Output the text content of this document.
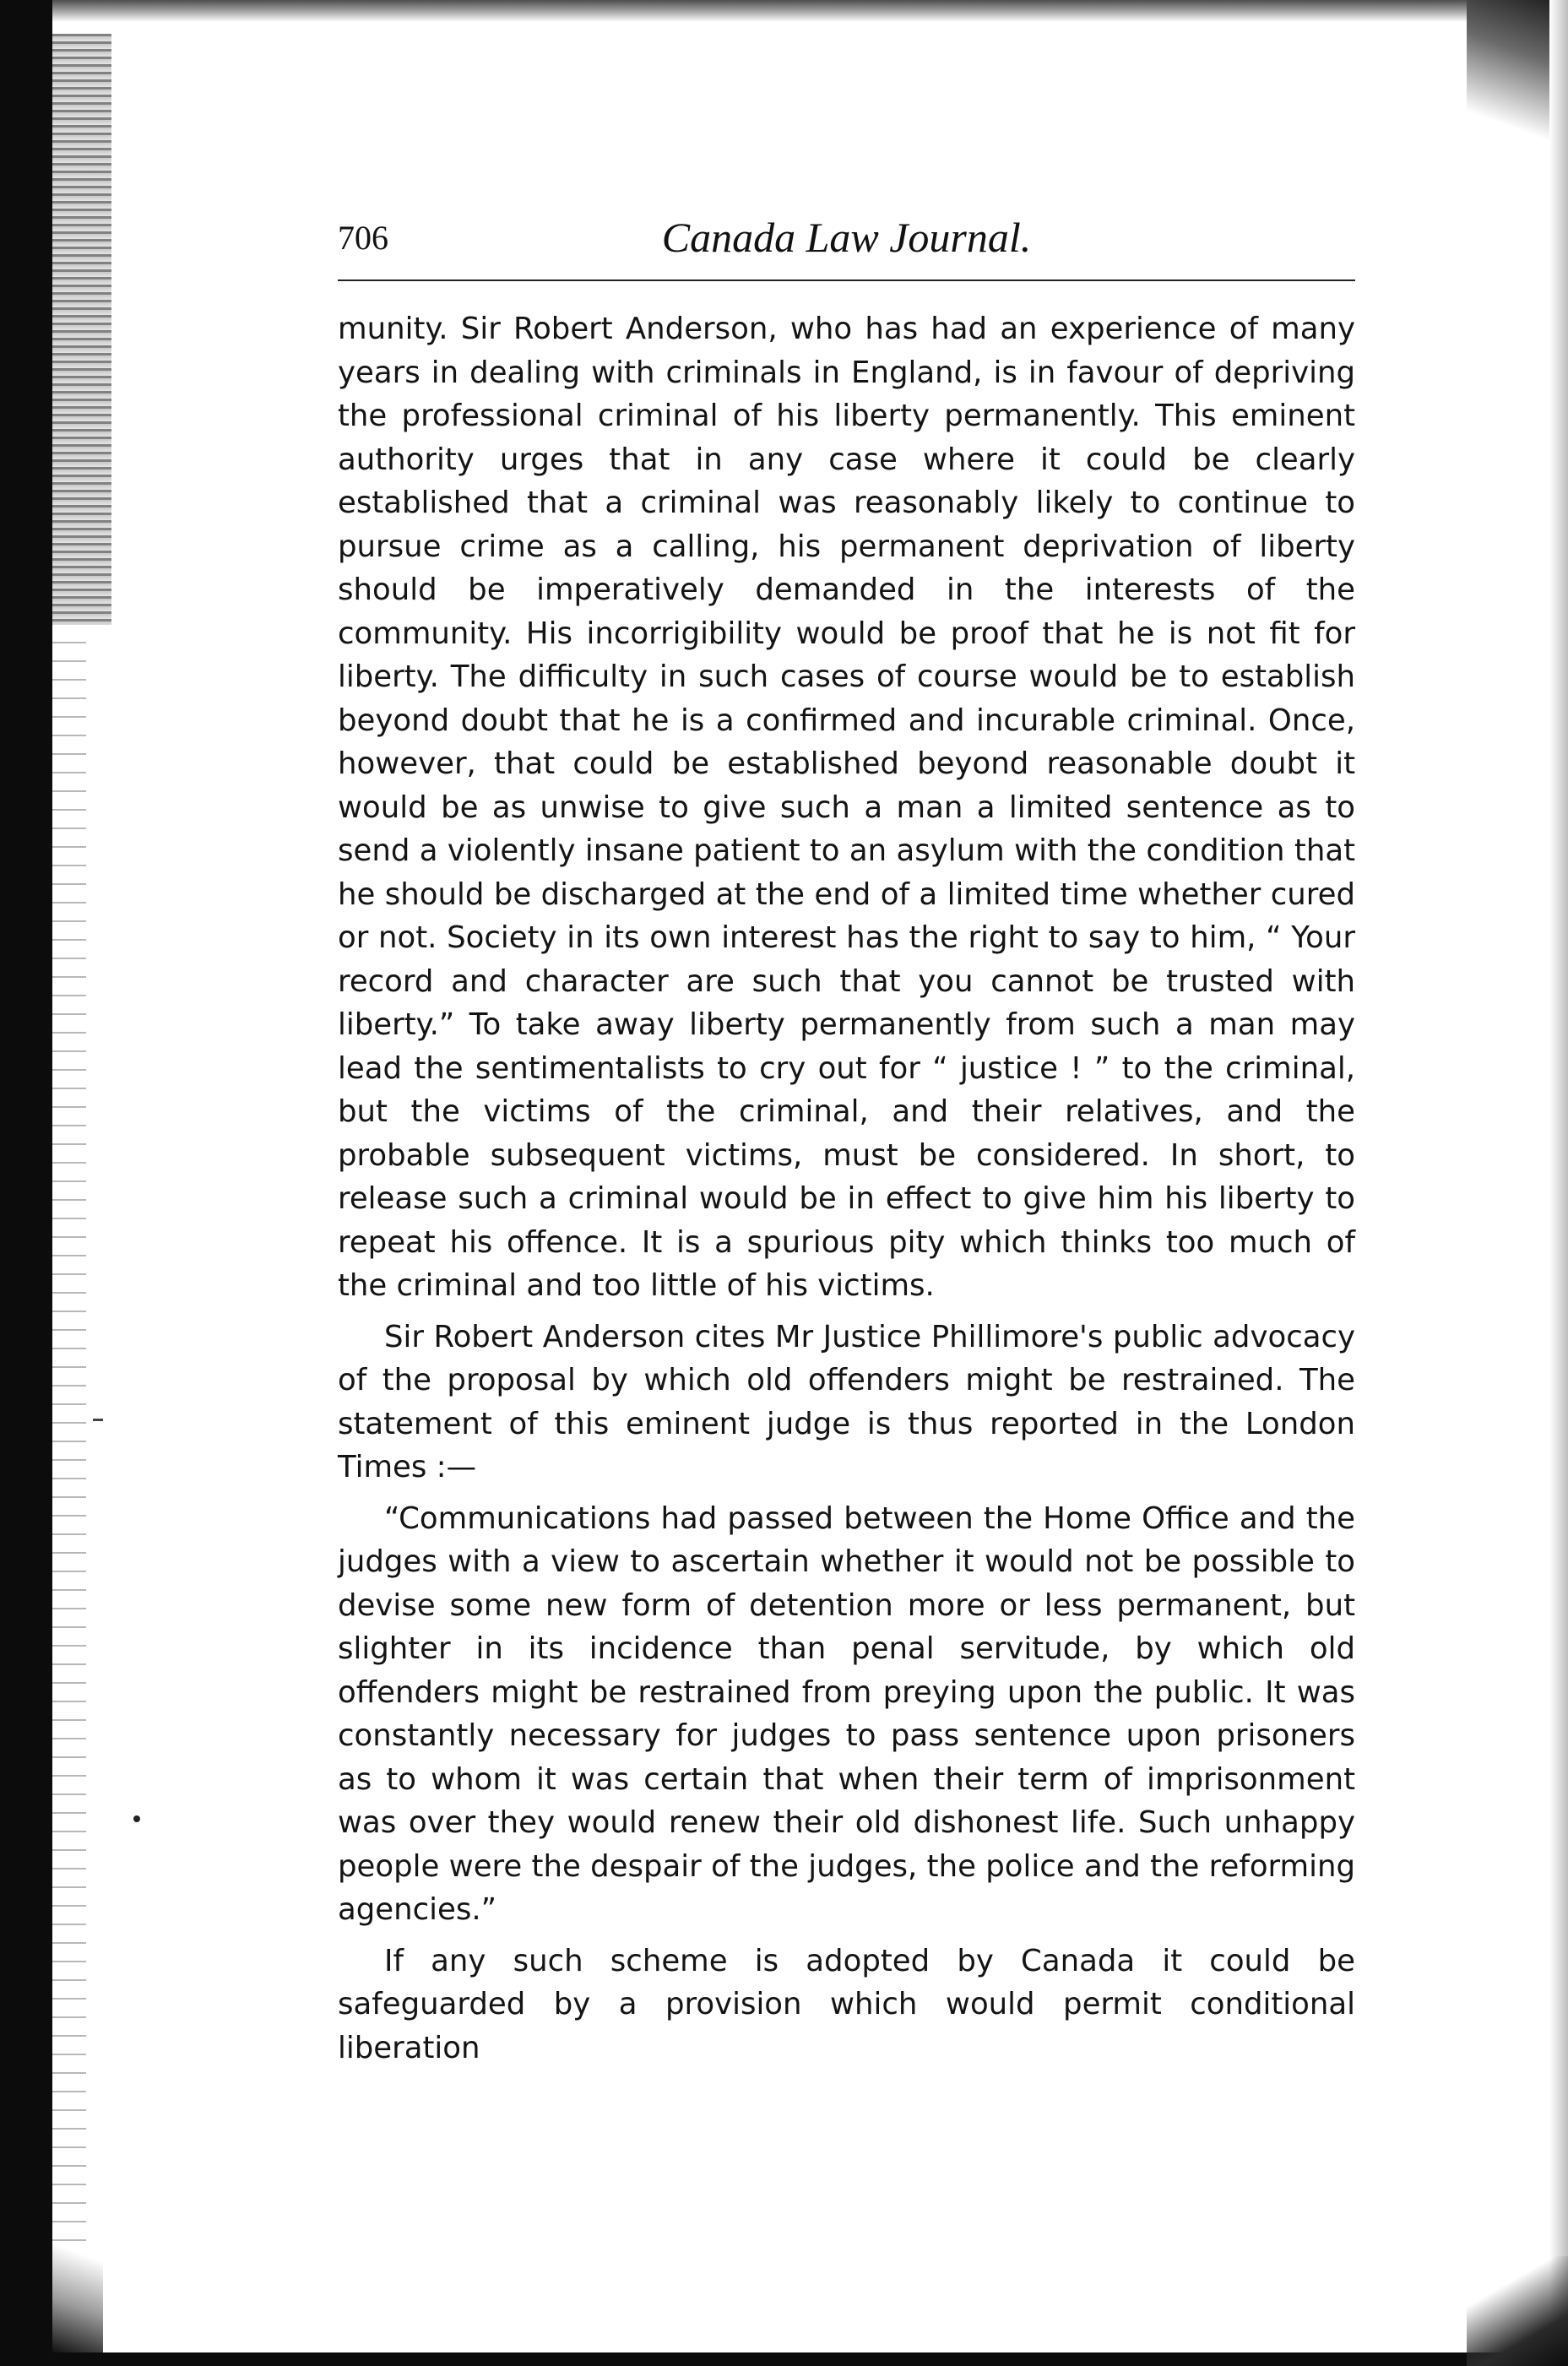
706	Canada Law Journal.

munity. Sir Robert Anderson, who has had an experience of many years in dealing with criminals in England, is in favour of depriving the professional criminal of his liberty permanently. This eminent authority urges that in any case where it could be clearly established that a criminal was reasonably likely to continue to pursue crime as a calling, his permanent deprivation of liberty should be imperatively demanded in the interests of the community. His incorrigibility would be proof that he is not fit for liberty. The difficulty in such cases of course would be to establish beyond doubt that he is a confirmed and incurable criminal. Once, however, that could be established beyond reasonable doubt it would be as unwise to give such a man a limited sentence as to send a violently insane patient to an asylum with the condition that he should be discharged at the end of a limited time whether cured or not. Society in its own interest has the right to say to him, “ Your record and character are such that you cannot be trusted with liberty.” To take away liberty permanently from such a man may lead the sentimentalists to cry out for “ justice ! ” to the criminal, but the victims of the criminal, and their relatives, and the probable subsequent victims, must be considered. In short, to release such a criminal would be in effect to give him his liberty to repeat his offence. It is a spurious pity which thinks too much of the criminal and too little of his victims.

Sir Robert Anderson cites Mr Justice Phillimore's public advocacy of the proposal by which old offenders might be restrained. The statement of this eminent judge is thus reported in the London Times :—

“Communications had passed between the Home Office and the judges with a view to ascertain whether it would not be possible to devise some new form of detention more or less permanent, but slighter in its incidence than penal servitude, by which old offenders might be restrained from preying upon the public. It was constantly necessary for judges to pass sentence upon prisoners as to whom it was certain that when their term of imprisonment was over they would renew their old dishonest life. Such unhappy people were the despair of the judges, the police and the reforming agencies.”

If any such scheme is adopted by Canada it could be safeguarded by a provision which would permit conditional liberation
